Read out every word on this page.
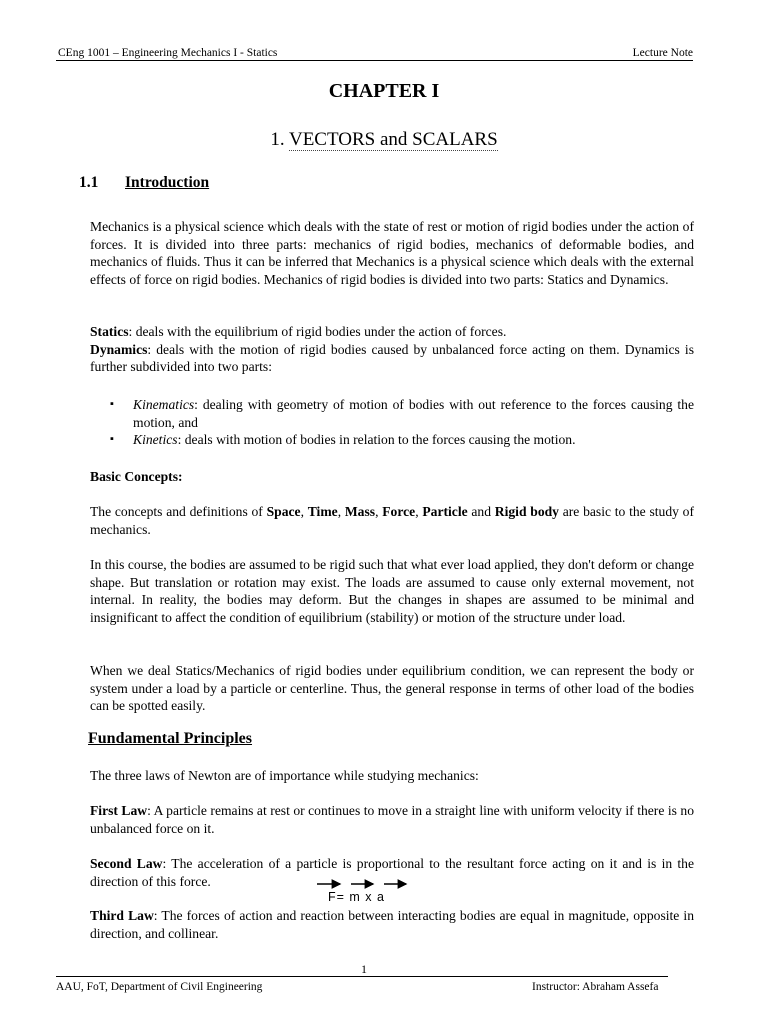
CEng 1001 – Engineering Mechanics I - Statics	Lecture Note
CHAPTER I
1. VECTORS and SCALARS
1.1 Introduction
Mechanics is a physical science which deals with the state of rest or motion of rigid bodies under the action of forces. It is divided into three parts: mechanics of rigid bodies, mechanics of deformable bodies, and mechanics of fluids. Thus it can be inferred that Mechanics is a physical science which deals with the external effects of force on rigid bodies. Mechanics of rigid bodies is divided into two parts: Statics and Dynamics.
Statics: deals with the equilibrium of rigid bodies under the action of forces.
Dynamics: deals with the motion of rigid bodies caused by unbalanced force acting on them. Dynamics is further subdivided into two parts:
▪ Kinematics: dealing with geometry of motion of bodies with out reference to the forces causing the motion, and
▪ Kinetics: deals with motion of bodies in relation to the forces causing the motion.
Basic Concepts:
The concepts and definitions of Space, Time, Mass, Force, Particle and Rigid body are basic to the study of mechanics.
In this course, the bodies are assumed to be rigid such that what ever load applied, they don't deform or change shape. But translation or rotation may exist. The loads are assumed to cause only external movement, not internal. In reality, the bodies may deform. But the changes in shapes are assumed to be minimal and insignificant to affect the condition of equilibrium (stability) or motion of the structure under load.
When we deal Statics/Mechanics of rigid bodies under equilibrium condition, we can represent the body or system under a load by a particle or centerline. Thus, the general response in terms of other load of the bodies can be spotted easily.
Fundamental Principles
The three laws of Newton are of importance while studying mechanics:
First Law: A particle remains at rest or continues to move in a straight line with uniform velocity if there is no unbalanced force on it.
Second Law: The acceleration of a particle is proportional to the resultant force acting on it and is in the direction of this force.
F= m x a
Third Law: The forces of action and reaction between interacting bodies are equal in magnitude, opposite in direction, and collinear.
1
AAU, FoT, Department of Civil Engineering	Instructor: Abraham Assefa
